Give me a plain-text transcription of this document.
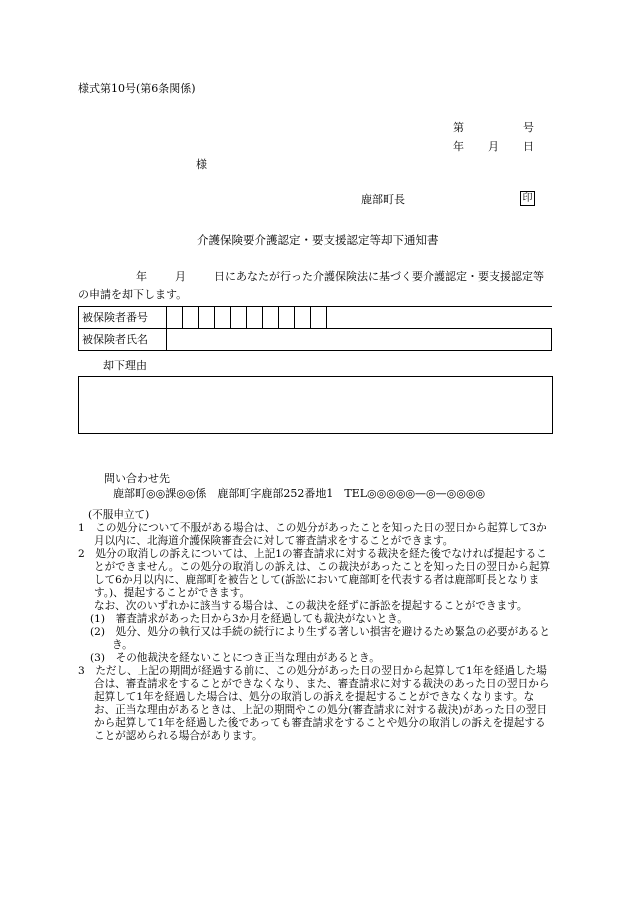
様式第10号(第6条関係)
第	号
年 月 日
様
鹿部町長	印
介護保険要介護認定・要支援認定等却下通知書
年	月	日にあなたが行った介護保険法に基づく要介護認定・要支援認定等の申請を却下します。
被保険者番号											
被保険者氏名											
却下理由
問い合わせ先
鹿部町◎◎課◎◎係　鹿部町字鹿部252番地1　TEL◎◎◎◎◎—◎—◎◎◎◎

(不服申立て)

1　この処分について不服がある場合は、この処分があったことを知った日の翌日から起算して3か月以内に、北海道介護保険審査会に対して審査請求をすることができます。

2　処分の取消しの訴えについては、上記1の審査請求に対する裁決を経た後でなければ提起することができません。この処分の取消しの訴えは、この裁決があったことを知った日の翌日から起算して6か月以内に、鹿部町を被告として(訴訟において鹿部町を代表する者は鹿部町長となります。)、提起することができます。

なお、次のいずれかに該当する場合は、この裁決を経ずに訴訟を提起することができます。

(1)　審査請求があった日から3か月を経過しても裁決がないとき。

(2)　処分、処分の執行又は手続の続行により生ずる著しい損害を避けるため緊急の必要があるとき。

(3)　その他裁決を経ないことにつき正当な理由があるとき。

3　ただし、上記の期間が経過する前に、この処分があった日の翌日から起算して1年を経過した場合は、審査請求をすることができなくなり、また、審査請求に対する裁決のあった日の翌日から起算して1年を経過した場合は、処分の取消しの訴えを提起することができなくなります。なお、正当な理由があるときは、上記の期間やこの処分(審査請求に対する裁決)があった日の翌日から起算して1年を経過した後であっても審査請求をすることや処分の取消しの訴えを提起することが認められる場合があります。
